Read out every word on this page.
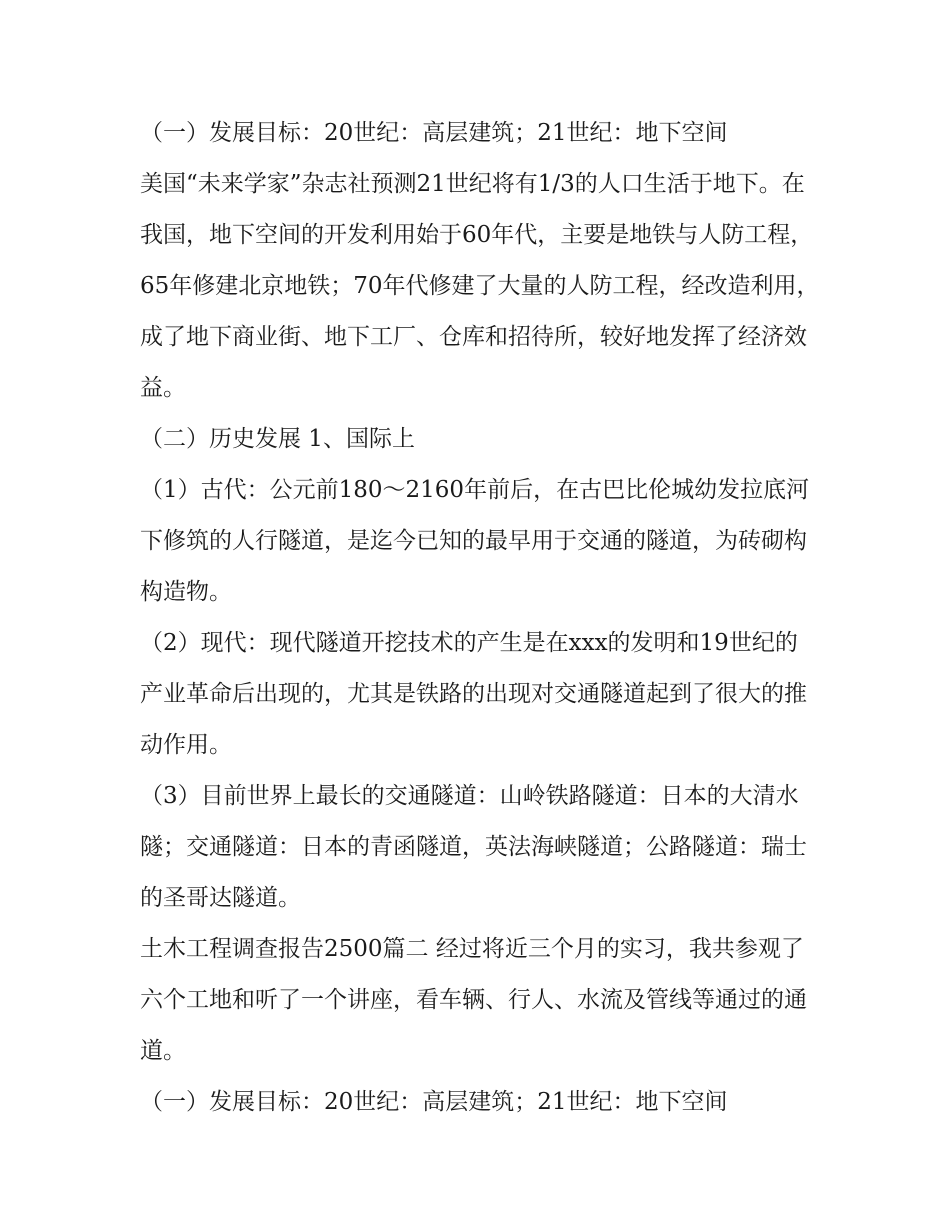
（一）发展目标：20世纪：高层建筑；21世纪：地下空间

美国“未来学家”杂志社预测21世纪将有1/3的人口生活于地下。在我国，地下空间的开发利用始于60年代，主要是地铁与人防工程，65年修建北京地铁；70年代修建了大量的人防工程，经改造利用，成了地下商业街、地下工厂、仓库和招待所，较好地发挥了经济效益。

（二）历史发展 1、国际上

（1）古代：公元前180～2160年前后，在古巴比伦城幼发拉底河下修筑的人行隧道，是迄今已知的最早用于交通的隧道，为砖砌构构造物。

（2）现代：现代隧道开挖技术的产生是在xxx的发明和19世纪的产业革命后出现的，尤其是铁路的出现对交通隧道起到了很大的推动作用。

（3）目前世界上最长的交通隧道：山岭铁路隧道：日本的大清水隧；交通隧道：日本的青函隧道，英法海峡隧道；公路隧道：瑞士的圣哥达隧道。

土木工程调查报告2500篇二 经过将近三个月的实习，我共参观了六个工地和听了一个讲座，看车辆、行人、水流及管线等通过的通道。

（一）发展目标：20世纪：高层建筑；21世纪：地下空间
